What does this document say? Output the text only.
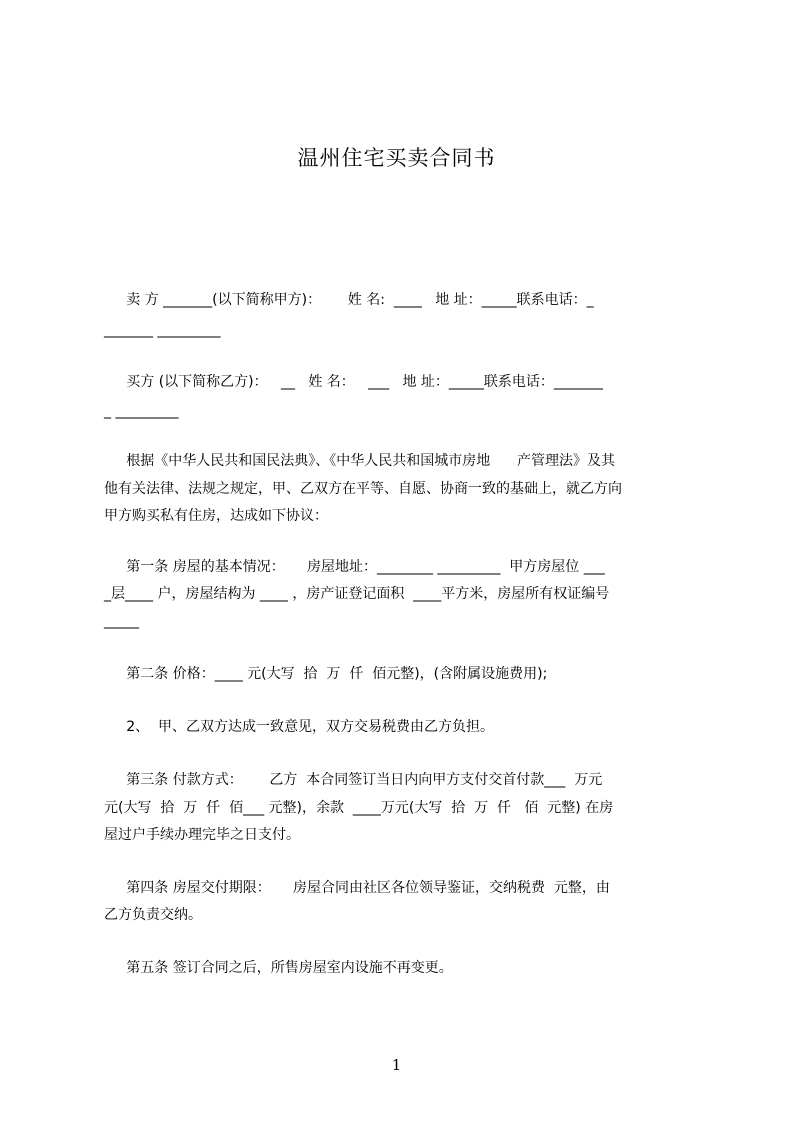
温州住宅买卖合同书
卖 方 _______(以下简称甲方)：      姓 名:  ____   地 址：_____联系电话：_
_______ _________
买方 (以下简称乙方)：   __   姓 名：   ___   地 址：_____联系电话：_______
_ _________
根据《中华人民共和国民法典》、《中华人民共和国城市房地      产管理法》及其
他有关法律、法规之规定，甲、乙双方在平等、自愿、协商一致的基础上，就乙方向
甲方购买私有住房，达成如下协议：
第一条 房屋的基本情况：     房屋地址：________ _________  甲方房屋位 ___
_层____ 户，房屋结构为 ____ ，房产证登记面积  ____平方米，房屋所有权证编号
_____
第二条 价格：____ 元(大写  拾  万  仟  佰元整)，(含附属设施费用);
2、  甲、乙双方达成一致意见，双方交易税费由乙方负担。
第三条 付款方式：      乙方  本合同签订当日内向甲方支付交首付款___  万元
元(大写  拾  万  仟  佰___ 元整)，余款  ____万元(大写  拾  万  仟   佰  元整) 在房
屋过户手续办理完毕之日支付。
第四条 房屋交付期限：     房屋合同由社区各位领导鉴证，交纳税费  元整，由
乙方负责交纳。
第五条 签订合同之后，所售房屋室内设施不再变更。
1
